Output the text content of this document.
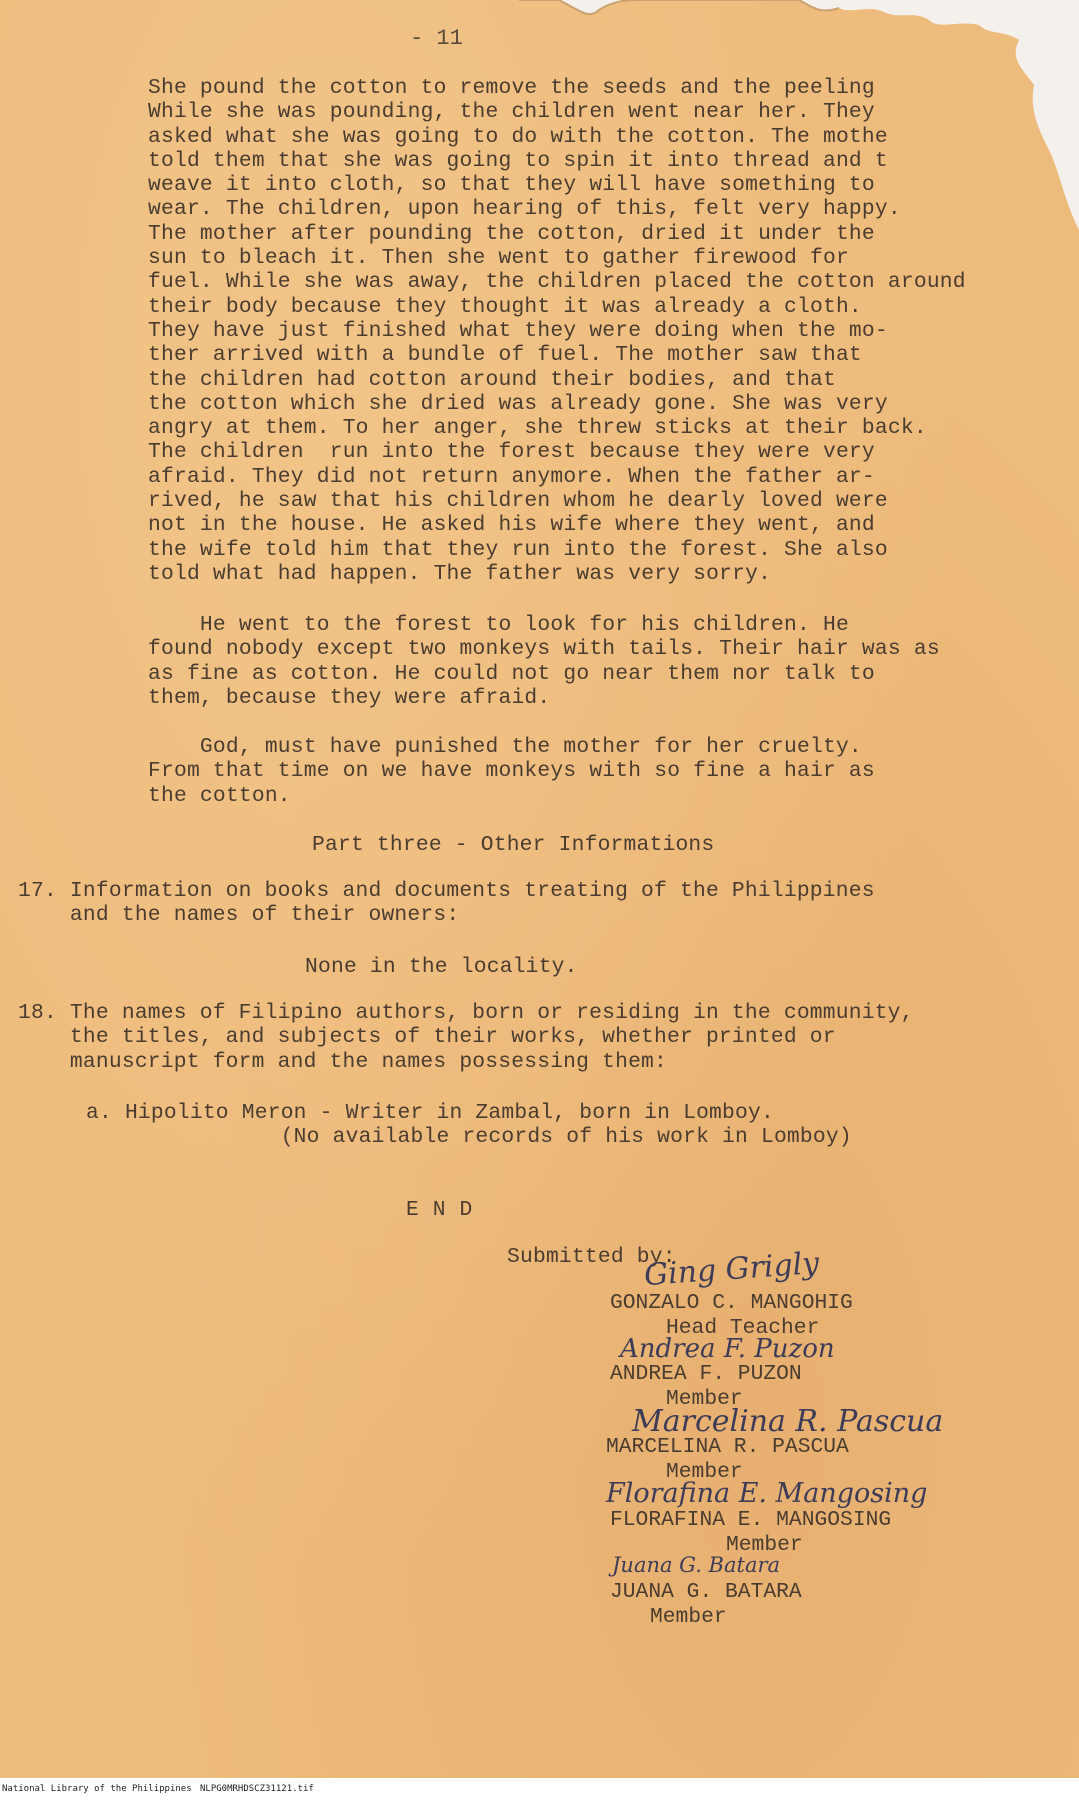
- 11
She pound the cotton to remove the seeds and the peeling
While she was pounding, the children went near her. They
asked what she was going to do with the cotton. The mothe
told them that she was going to spin it into thread and t
weave it into cloth, so that they will have something to
wear. The children, upon hearing of this, felt very happy.
The mother after pounding the cotton, dried it under the
sun to bleach it. Then she went to gather firewood for
fuel. While she was away, the children placed the cotton around
their body because they thought it was already a cloth.
They have just finished what they were doing when the mo-
ther arrived with a bundle of fuel. The mother saw that
the children had cotton around their bodies, and that
the cotton which she dried was already gone. She was very
angry at them. To her anger, she threw sticks at their back.
The children  run into the forest because they were very
afraid. They did not return anymore. When the father ar-
rived, he saw that his children whom he dearly loved were
not in the house. He asked his wife where they went, and
the wife told him that they run into the forest. She also
told what had happen. The father was very sorry.
He went to the forest to look for his children. He
found nobody except two monkeys with tails. Their hair was as
as fine as cotton. He could not go near them nor talk to
them, because they were afraid.
God, must have punished the mother for her cruelty.
From that time on we have monkeys with so fine a hair as
the cotton.
Part three - Other Informations
17. Information on books and documents treating of the Philippines
and the names of their owners:
None in the locality.
18. The names of Filipino authors, born or residing in the community,
the titles, and subjects of their works, whether printed or
manuscript form and the names possessing them:
a. Hipolito Meron - Writer in Zambal, born in Lomboy.
(No available records of his work in Lomboy)
END
Submitted by:
Ging Grigly
GONZALO C. MANGOHIG
Head Teacher
Andrea F. Puzon
ANDREA F. PUZON
Member
Marcelina R. Pascua
MARCELINA R. PASCUA
Member
Florafina E. Mangosing
FLORAFINA E. MANGOSING
Member
Juana G. Batara
JUANA G. BATARA
Member
National Library of the Philippines NLPG0MRHDSCZ31121.tif
